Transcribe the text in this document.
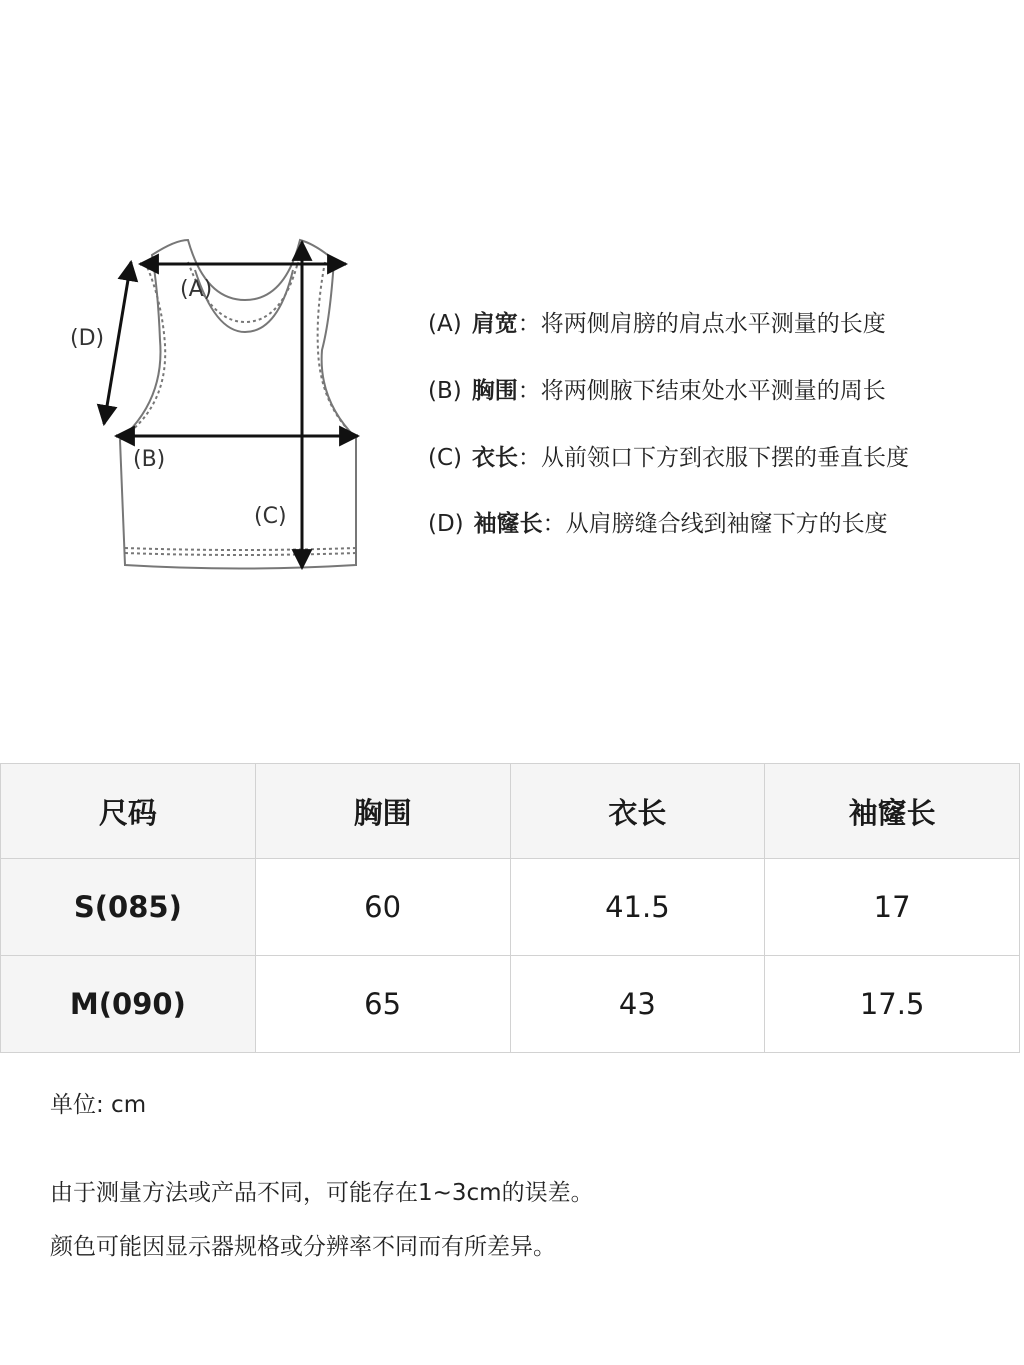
(A)
(B)
(C)
(D)
(A) 肩宽：将两侧肩膀的肩点水平测量的长度
(B) 胸围：将两侧腋下结束处水平测量的周长
(C) 衣长：从前领口下方到衣服下摆的垂直长度
(D) 袖窿长：从肩膀缝合线到袖窿下方的长度
尺码	胸围	衣长	袖窿长
S(085)	60	41.5	17
M(090)	65	43	17.5
单位: cm
由于测量方法或产品不同，可能存在1~3cm的误差。
颜色可能因显示器规格或分辨率不同而有所差异。
